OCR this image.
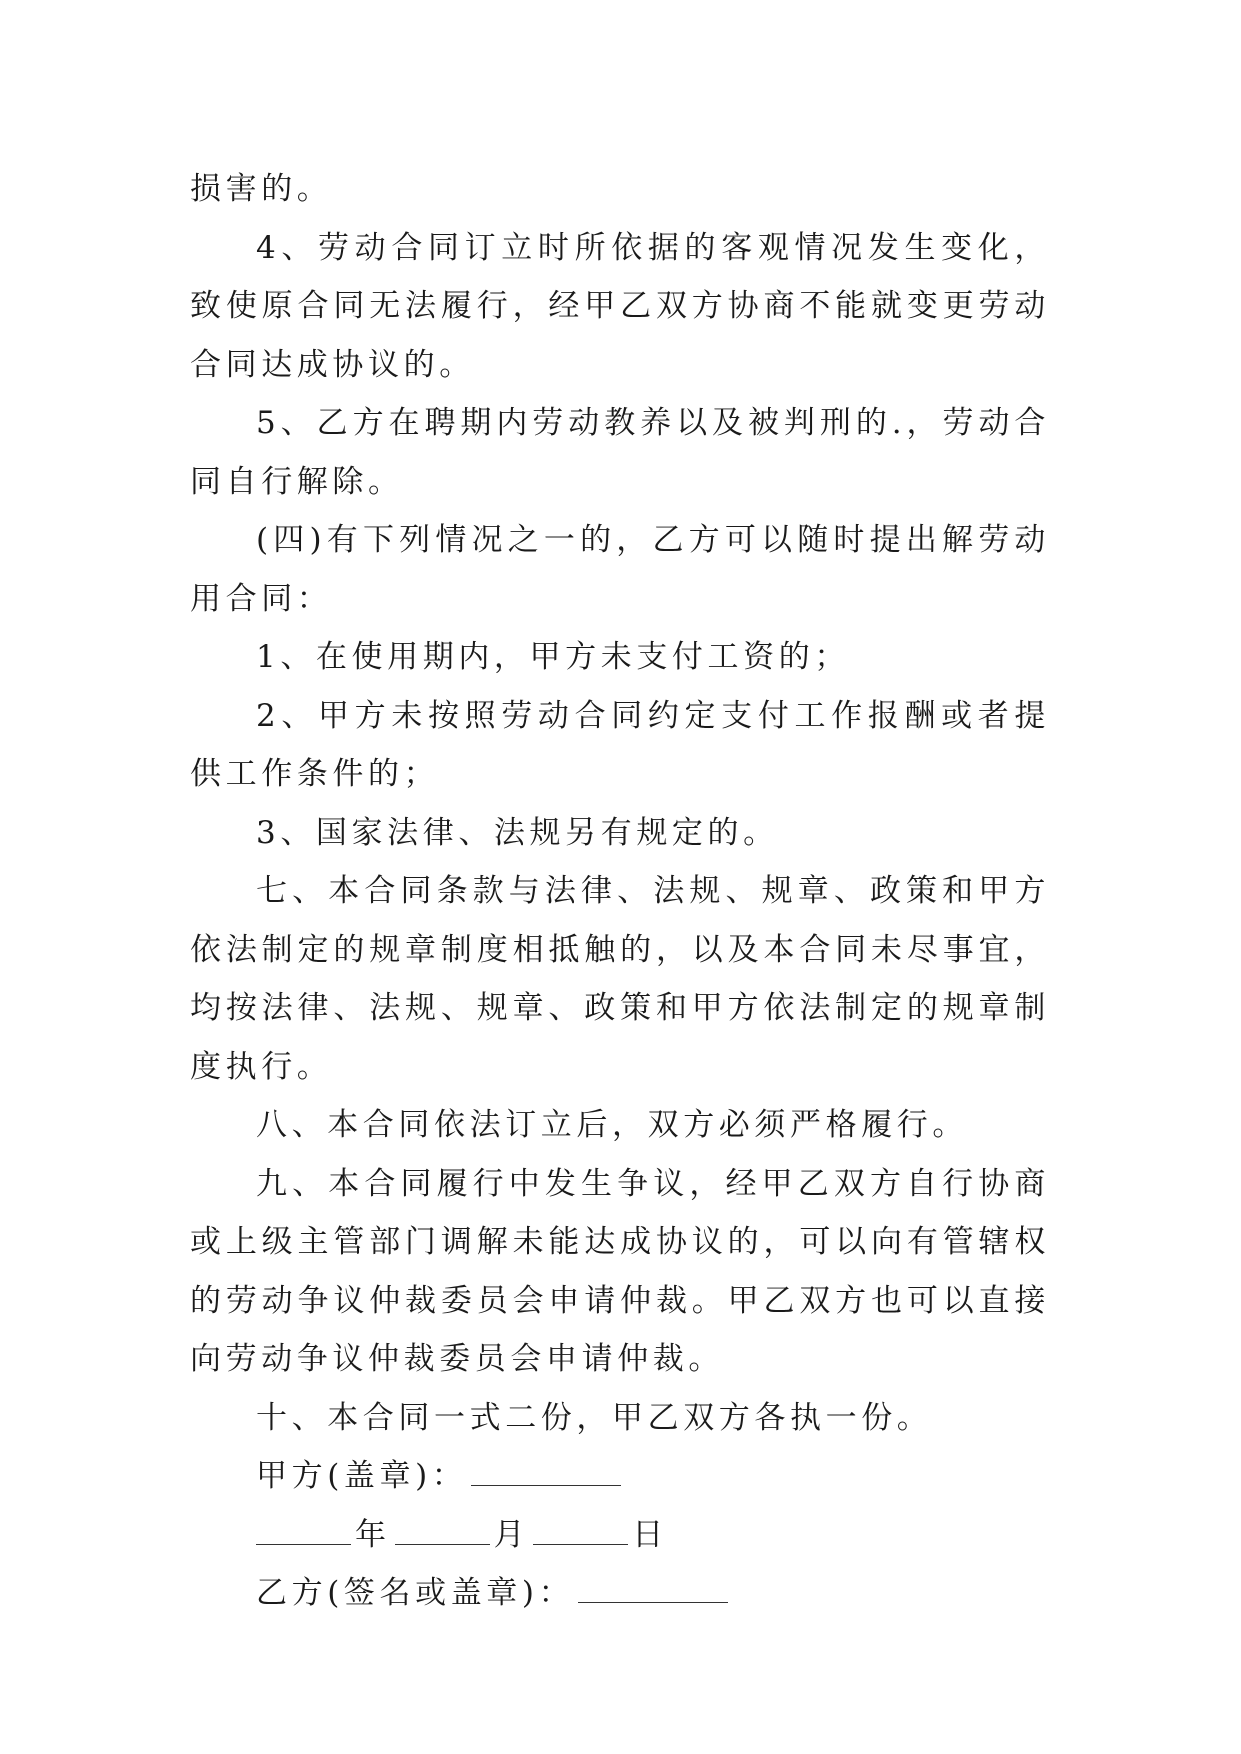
损害的。

4、劳动合同订立时所依据的客观情况发生变化，致使原合同无法履行，经甲乙双方协商不能就变更劳动合同达成协议的。

5、乙方在聘期内劳动教养以及被判刑的.，劳动合同自行解除。

(四)有下列情况之一的，乙方可以随时提出解劳动用合同：

1、在使用期内，甲方未支付工资的；

2、甲方未按照劳动合同约定支付工作报酬或者提供工作条件的；

3、国家法律、法规另有规定的。

七、本合同条款与法律、法规、规章、政策和甲方依法制定的规章制度相抵触的，以及本合同未尽事宜，均按法律、法规、规章、政策和甲方依法制定的规章制度执行。

八、本合同依法订立后，双方必须严格履行。

九、本合同履行中发生争议，经甲乙双方自行协商或上级主管部门调解未能达成协议的，可以向有管辖权的劳动争议仲裁委员会申请仲裁。甲乙双方也可以直接向劳动争议仲裁委员会申请仲裁。

十、本合同一式二份，甲乙双方各执一份。

甲方(盖章)：

年	月	日

乙方(签名或盖章)：
